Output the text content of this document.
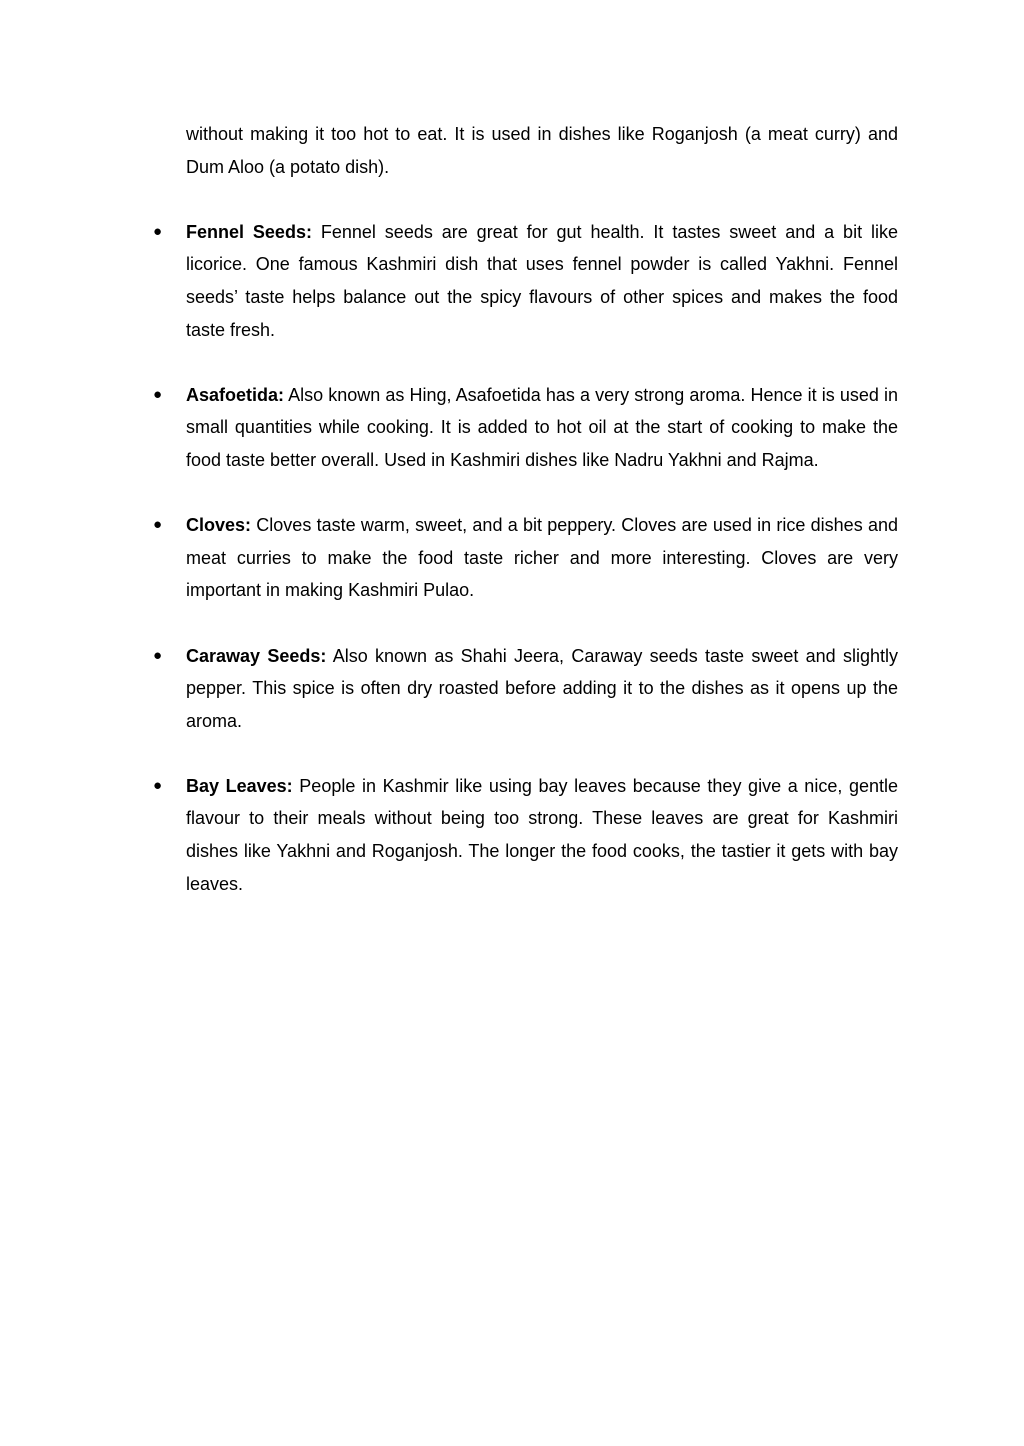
without making it too hot to eat. It is used in dishes like Roganjosh (a meat curry) and Dum Aloo (a potato dish).

● Fennel Seeds: Fennel seeds are great for gut health. It tastes sweet and a bit like licorice. One famous Kashmiri dish that uses fennel powder is called Yakhni. Fennel seeds’ taste helps balance out the spicy flavours of other spices and makes the food taste fresh.

● Asafoetida: Also known as Hing, Asafoetida has a very strong aroma. Hence it is used in small quantities while cooking. It is added to hot oil at the start of cooking to make the food taste better overall. Used in Kashmiri dishes like Nadru Yakhni and Rajma.

● Cloves: Cloves taste warm, sweet, and a bit peppery. Cloves are used in rice dishes and meat curries to make the food taste richer and more interesting. Cloves are very important in making Kashmiri Pulao.

● Caraway Seeds: Also known as Shahi Jeera, Caraway seeds taste sweet and slightly pepper. This spice is often dry roasted before adding it to the dishes as it opens up the aroma.

● Bay Leaves: People in Kashmir like using bay leaves because they give a nice, gentle flavour to their meals without being too strong. These leaves are great for Kashmiri dishes like Yakhni and Roganjosh. The longer the food cooks, the tastier it gets with bay leaves.
